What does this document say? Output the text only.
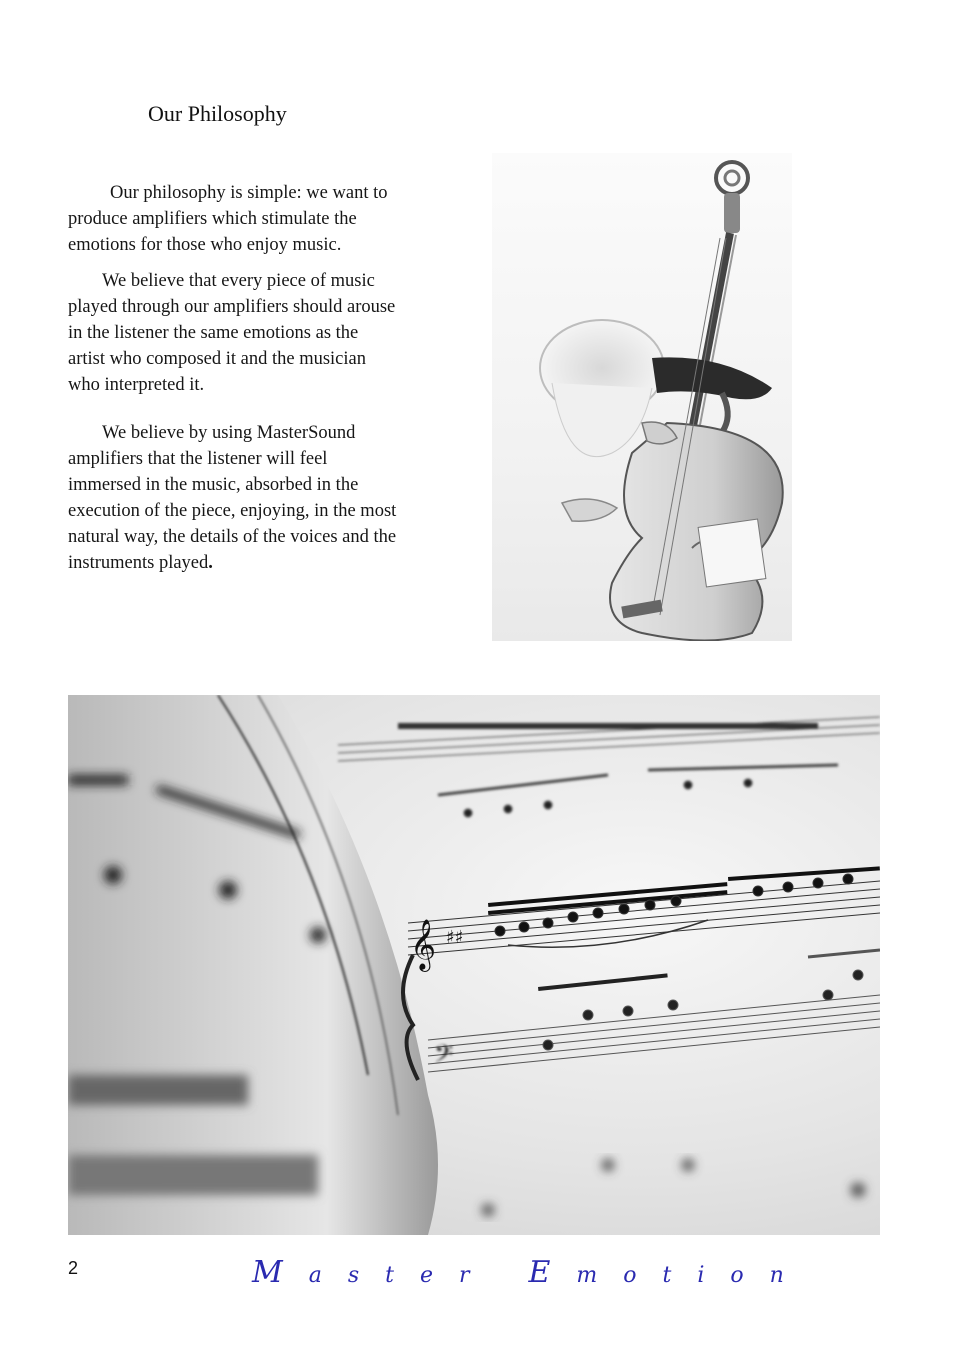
Our Philosophy

Our philosophy is simple: we want to produce amplifiers which stimulate the emotions for those who enjoy music.

We believe that every piece of music played through our amplifiers should arouse in the listener the same emotions as the artist who composed it and the musician who interpreted it.

We believe by using MasterSound amplifiers that the listener will feel immersed in the music, absorbed in the execution of the piece, enjoying, in the most natural way, the details of the voices and the instruments played.

𝄞 ♯♯
𝄢
2	Master Emotion
